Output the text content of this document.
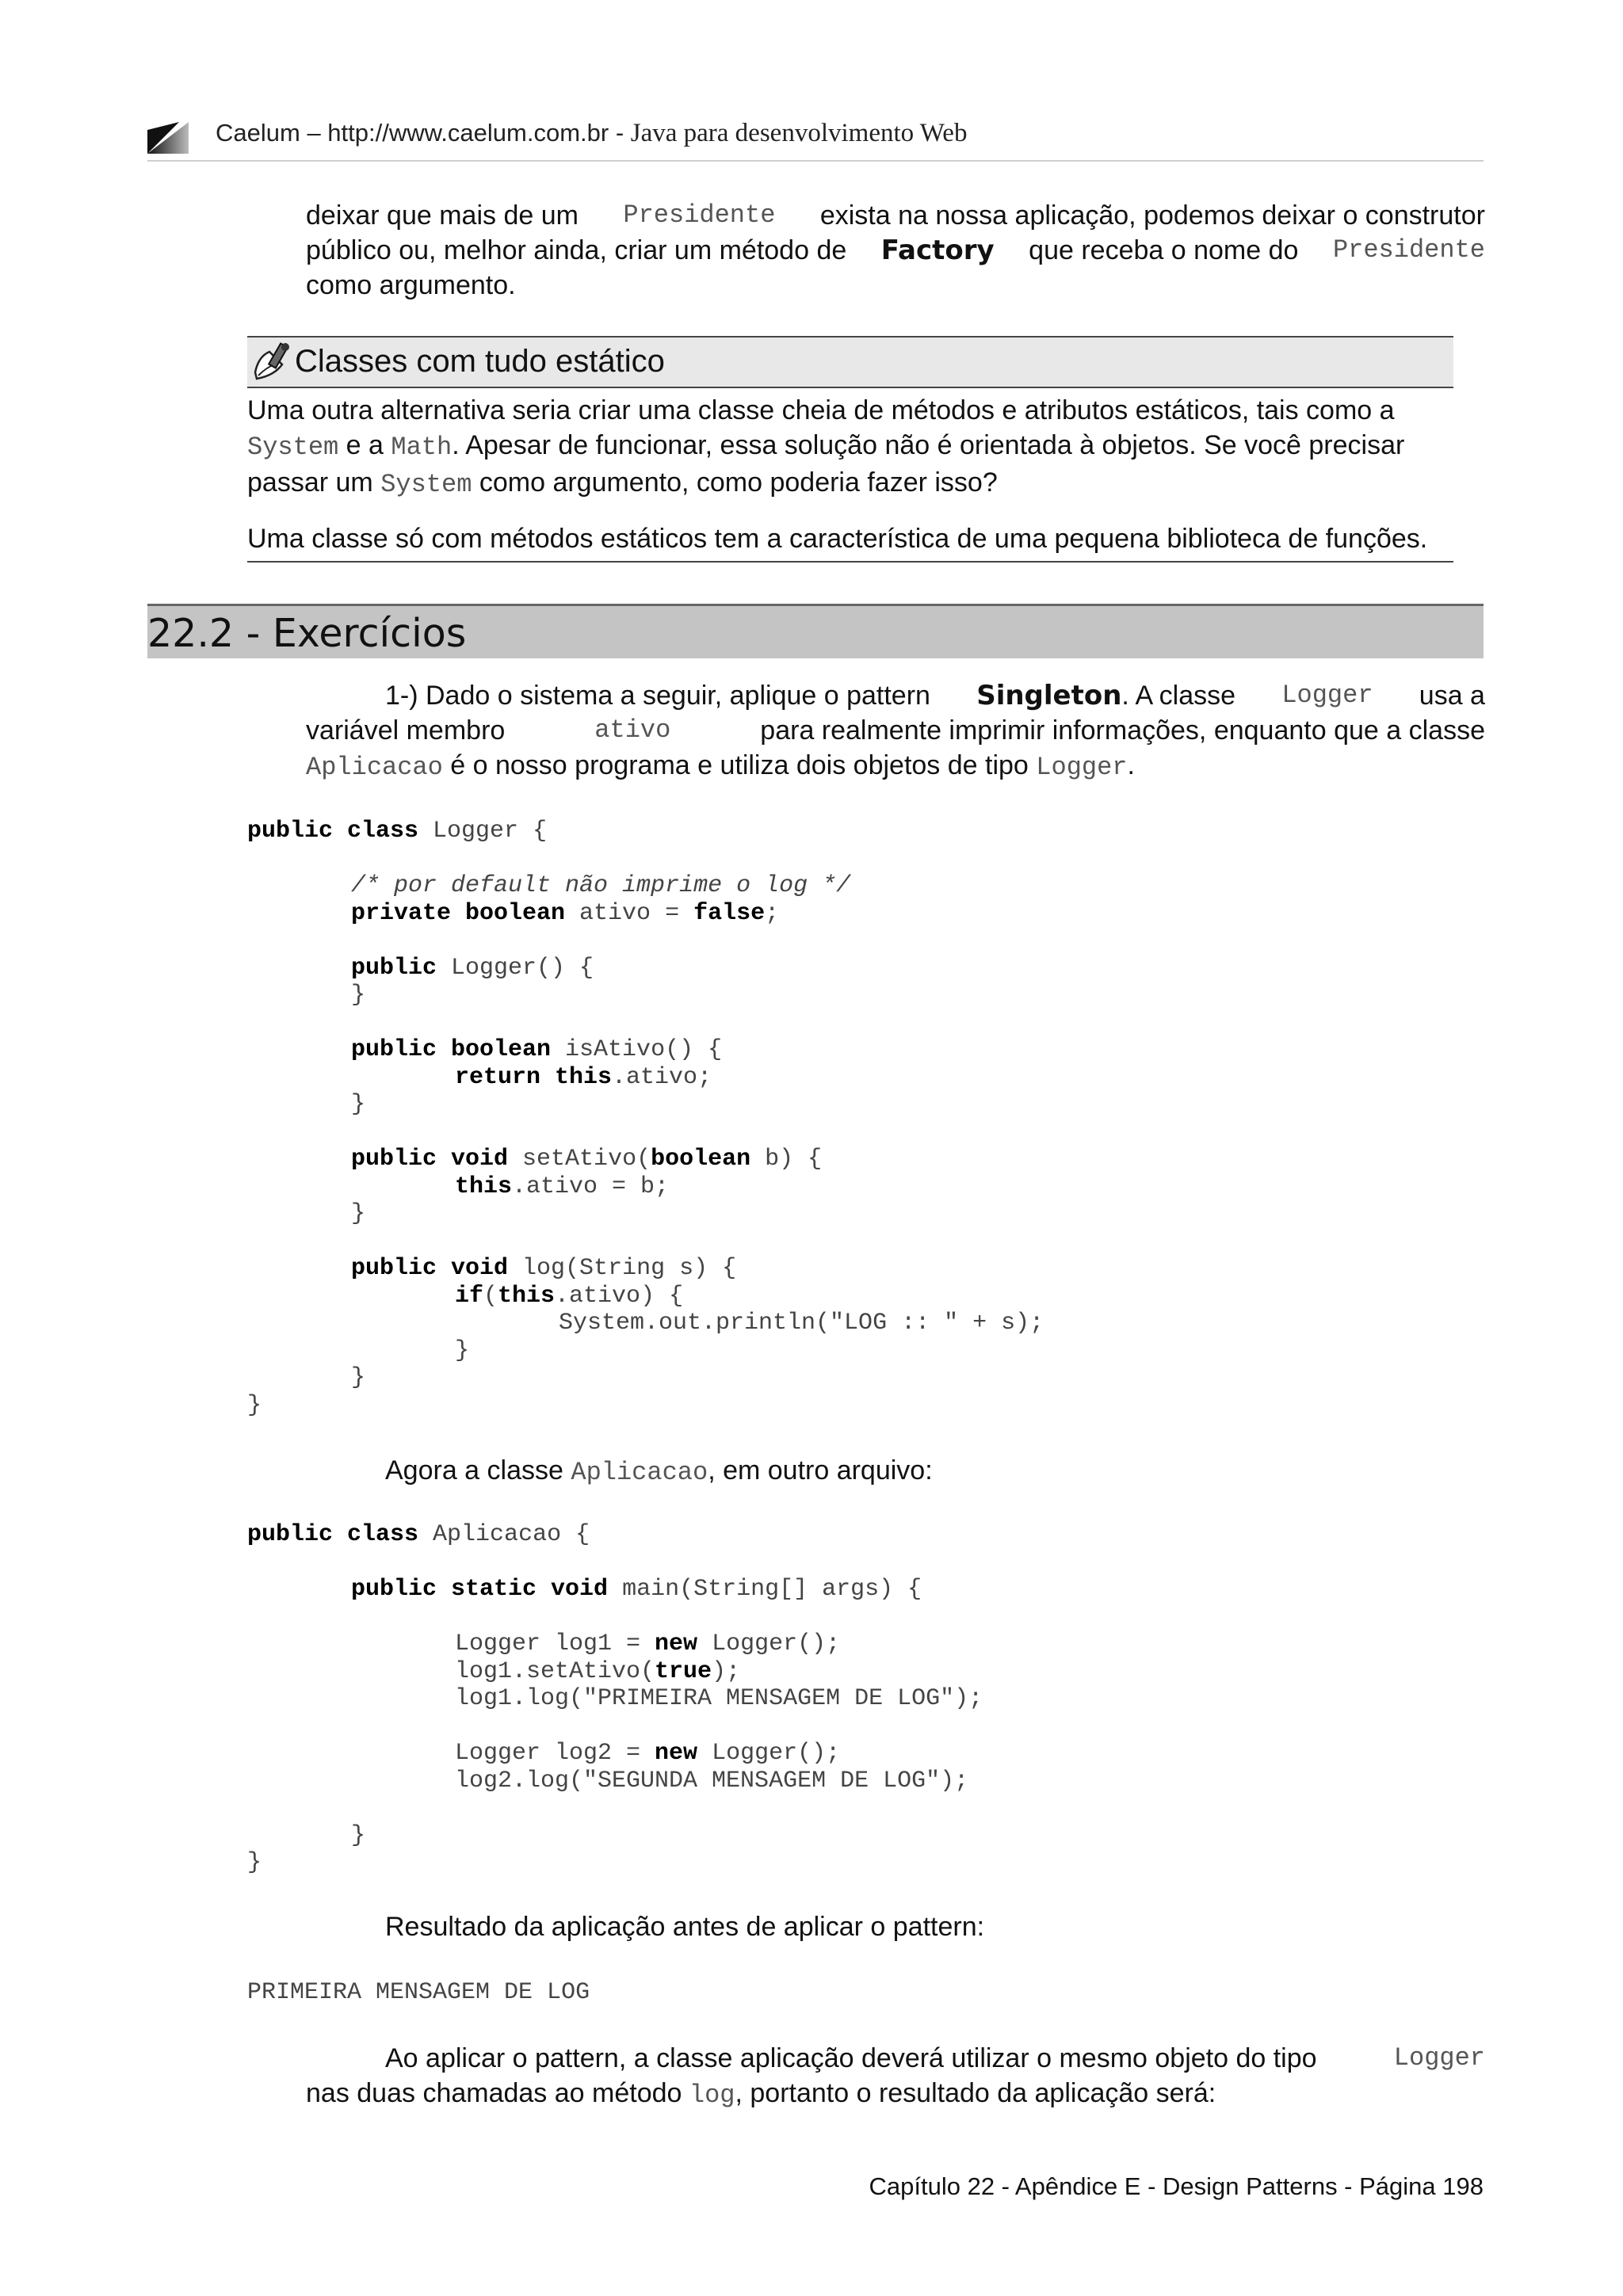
Caelum – http://www.caelum.com.br - Java para desenvolvimento Web
deixar que mais de um Presidente exista na nossa aplicação, podemos deixar o construtor
público ou, melhor ainda, criar um método de Factory que receba o nome do Presidente
como argumento.
Classes com tudo estático
Uma outra alternativa seria criar uma classe cheia de métodos e atributos estáticos, tais como a
System e a Math. Apesar de funcionar, essa solução não é orientada à objetos. Se você precisar
passar um System como argumento, como poderia fazer isso?
Uma classe só com métodos estáticos tem a característica de uma pequena biblioteca de funções.
22.2 - Exercícios
1-) Dado o sistema a seguir, aplique o pattern Singleton. A classe Logger usa a
variável membro	ativo	para realmente imprimir informações, enquanto que a classe
Aplicacao é o nosso programa e utiliza dois objetos de tipo Logger.
public class Logger {
/* por default não imprime o log */
private boolean ativo = false;
public Logger() {
}
public boolean isAtivo() {
return this.ativo;
}
public void setAtivo(boolean b) {
this.ativo = b;
}
public void log(String s) {
if(this.ativo) {
System.out.println("LOG :: " + s);
}
}
}
Agora a classe Aplicacao, em outro arquivo:
public class Aplicacao {
public static void main(String[] args) {
Logger log1 = new Logger();
log1.setAtivo(true);
log1.log("PRIMEIRA MENSAGEM DE LOG");
Logger log2 = new Logger();
log2.log("SEGUNDA MENSAGEM DE LOG");
}
}
Resultado da aplicação antes de aplicar o pattern:
PRIMEIRA MENSAGEM DE LOG
Ao aplicar o pattern, a classe aplicação deverá utilizar o mesmo objeto do tipo	Logger
nas duas chamadas ao método log, portanto o resultado da aplicação será:
Capítulo 22 - Apêndice E - Design Patterns - Página 198
